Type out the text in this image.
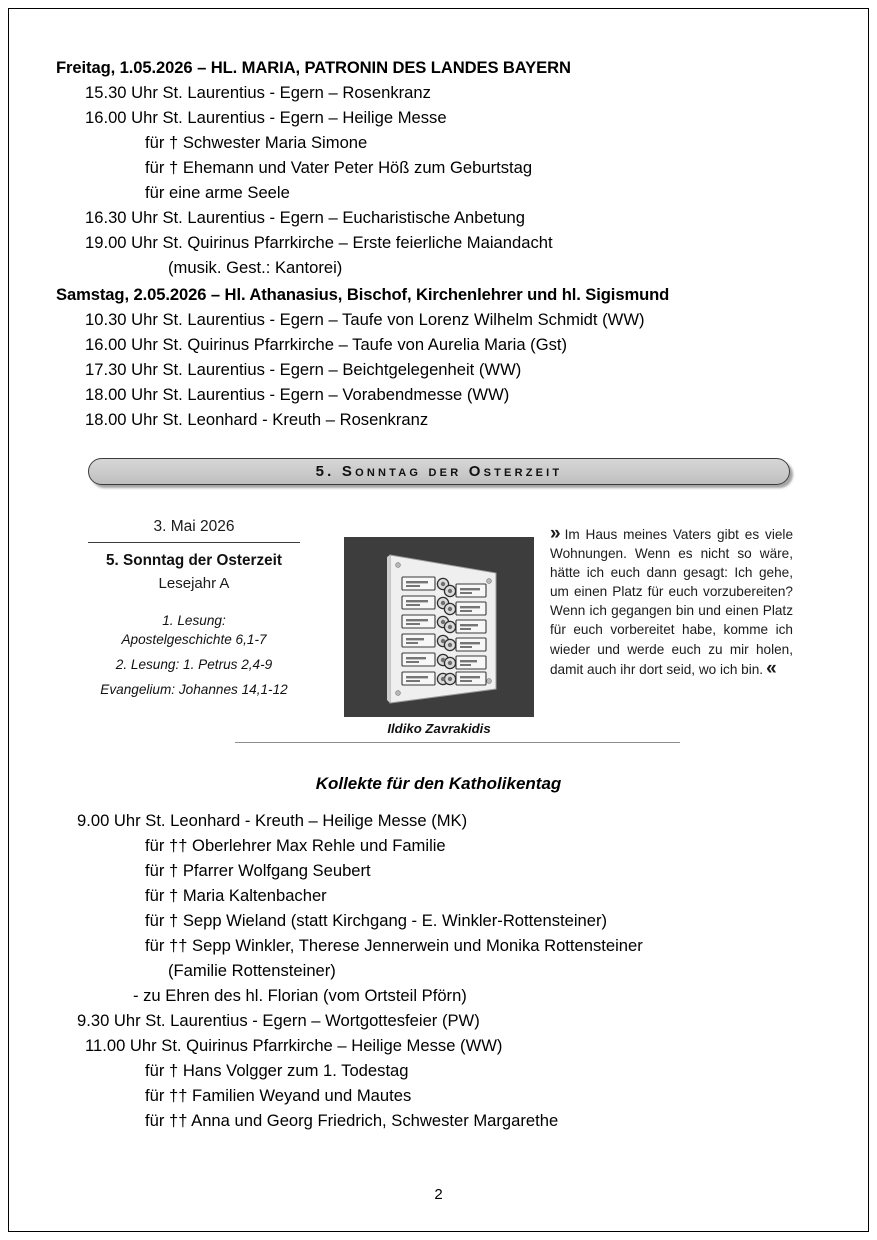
Freitag, 1.05.2026 – HL. MARIA, PATRONIN DES LANDES BAYERN
15.30 Uhr St. Laurentius - Egern – Rosenkranz
16.00 Uhr St. Laurentius - Egern – Heilige Messe
für † Schwester Maria Simone
für † Ehemann und Vater Peter Höß zum Geburtstag
für eine arme Seele
16.30 Uhr St. Laurentius - Egern – Eucharistische Anbetung
19.00 Uhr St. Quirinus Pfarrkirche – Erste feierliche Maiandacht
(musik. Gest.: Kantorei)
Samstag, 2.05.2026 – Hl. Athanasius, Bischof, Kirchenlehrer und hl. Sigismund
10.30 Uhr St. Laurentius - Egern – Taufe von Lorenz Wilhelm Schmidt (WW)
16.00 Uhr St. Quirinus Pfarrkirche – Taufe von Aurelia Maria (Gst)
17.30 Uhr St. Laurentius - Egern – Beichtgelegenheit (WW)
18.00 Uhr St. Laurentius - Egern – Vorabendmesse (WW)
18.00 Uhr St. Leonhard - Kreuth – Rosenkranz
5. Sonntag der Osterzeit
3. Mai 2026
5. Sonntag der Osterzeit
Lesejahr A
1. Lesung:
Apostelgeschichte 6,1-7
2. Lesung: 1. Petrus 2,4-9
Evangelium: Johannes 14,1-12
Ildiko Zavrakidis
» Im Haus meines Vaters gibt es viele Wohnungen. Wenn es nicht so wäre, hätte ich euch dann gesagt: Ich gehe, um einen Platz für euch vorzubereiten? Wenn ich gegangen bin und einen Platz für euch vorbereitet habe, komme ich wieder und werde euch zu mir holen, damit auch ihr dort seid, wo ich bin. «
Kollekte für den Katholikentag
9.00 Uhr St. Leonhard - Kreuth – Heilige Messe (MK)
für †† Oberlehrer Max Rehle und Familie
für † Pfarrer Wolfgang Seubert
für † Maria Kaltenbacher
für † Sepp Wieland (statt Kirchgang - E. Winkler-Rottensteiner)
für †† Sepp Winkler, Therese Jennerwein und Monika Rottensteiner
(Familie Rottensteiner)
- zu Ehren des hl. Florian (vom Ortsteil Pförn)
9.30 Uhr St. Laurentius - Egern – Wortgottesfeier (PW)
11.00 Uhr St. Quirinus Pfarrkirche – Heilige Messe (WW)
für † Hans Volgger zum 1. Todestag
für †† Familien Weyand und Mautes
für †† Anna und Georg Friedrich, Schwester Margarethe
2
